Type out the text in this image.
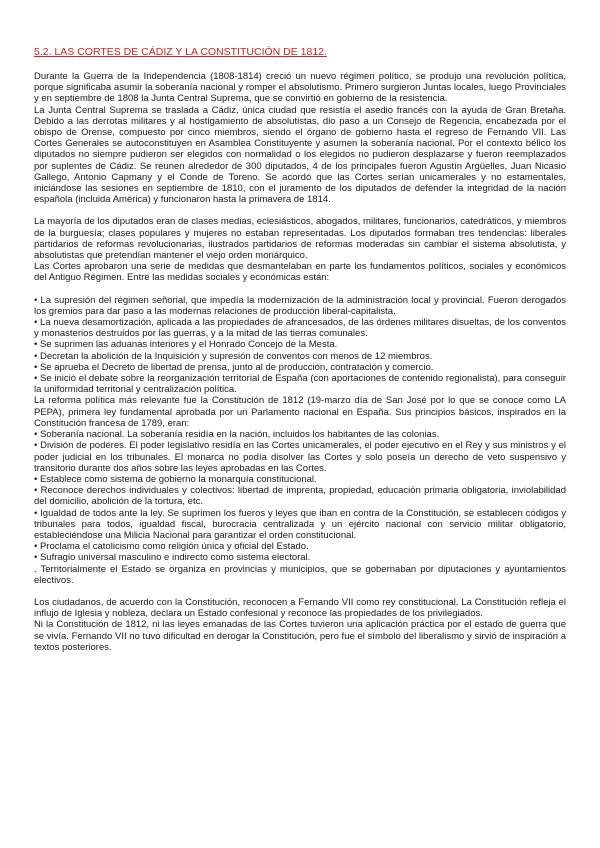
5.2. LAS CORTES DE CÁDIZ Y LA CONSTITUCIÓN DE 1812.

Durante la Guerra de la Independencia (1808-1814) creció un nuevo régimen político, se produjo una revolución política, porque significaba asumir la soberanía nacional y romper el absolutismo. Primero surgieron Juntas locales, luego Provinciales y en septiembre de 1808 la Junta Central Suprema, que se convirtió en gobierno de la resistencia.

La Junta Central Suprema se traslada a Cádiz, única ciudad que resistía el asedio francés con la ayuda de Gran Bretaña. Debido a las derrotas militares y al hostigamiento de absolutistas, dio paso a un Consejo de Regencia, encabezada por el obispo de Orense, compuesto por cinco miembros, siendo el órgano de gobierno hasta el regreso de Fernando VII. Las Cortes Generales se autoconstituyen en Asamblea Constituyente y asumen la soberanía nacional. Por el contexto bélico los diputados no siempre pudieron ser elegidos con normalidad o los elegidos no pudieron desplazarse y fueron reemplazados por suplentes de Cádiz. Se reunen alrededor de 300 diputados, 4 de los principales fueron Agustín Argüelles, Juan Nicasio Gallego, Antonio Capmany y el Conde de Toreno. Se acordó que las Cortes serían unicamerales y no estamentales, iniciándose las sesiones en septiembre de 1810, con el juramento de los diputados de defender la integridad de la nación española (incluida América) y funcionaron hasta la primavera de 1814.

La mayoría de los diputados eran de clases medias, eclesiásticos, abogados, militares, funcionarios, catedráticos, y miembros de la burguesía; clases populares y mujeres no estaban representadas. Los diputados formaban tres tendencias: liberales partidarios de reformas revolucionarias, ilustrados partidarios de reformas moderadas sin cambiar el sistema absolutista, y absolutistas que pretendían mantener el viejo orden monárquico.

Las Cortes aprobaron una serie de medidas que desmantelaban en parte los fundamentos políticos, sociales y económicos del Antiguo Régimen. Entre las medidas sociales y económicas están:

• La supresión del régimen señorial, que impedía la modernización de la administración local y provincial. Fueron derogados los gremios para dar paso a las modernas relaciones de producción liberal-capitalista.

• La nueva desamortización, aplicada a las propiedades de afrancesados, de las órdenes militares disueltas, de los conventos y monasterios destruidos por las guerras, y a la mitad de las tierras comunales.

• Se suprimen las aduanas interiores y el Honrado Concejo de la Mesta.

• Decretan la abolición de la Inquisición y supresión de conventos con menos de 12 miembros.

• Se aprueba el Decreto de libertad de prensa, junto al de producción, contratación y comercio.

• Se inició el debate sobre la reorganización territorial de España (con aportaciones de contenido regionalista), para conseguir la uniformidad territorial y centralización política.

La reforma política más relevante fue la Constitución de 1812 (19-marzo día de San José por lo que se conoce como LA PEPA), primera ley fundamental aprobada por un Parlamento nacional en España. Sus principios básicos, inspirados en la Constitución francesa de 1789, eran:

• Soberanía nacional. La soberanía residía en la nación, incluidos los habitantes de las colonias.

• División de poderes. El poder legislativo residía en las Cortes unicamerales, el poder ejecutivo en el Rey y sus ministros y el poder judicial en los tribunales. El monarca no podía disolver las Cortes y solo poseía un derecho de veto suspensivo y transitorio durante dos años sobre las leyes aprobadas en las Cortes.

• Establece como sistema de gobierno la monarquía constitucional.

• Reconoce derechos individuales y colectivos: libertad de imprenta, propiedad, educación primaria obligatoria, inviolabilidad del domicilio, abolición de la tortura, etc.

• Igualdad de todos ante la ley. Se suprimen los fueros y leyes que iban en contra de la Constitución, se establecen códigos y tribunales para todos, igualdad fiscal, burocracia centralizada y un ejército nacional con servicio militar obligatorio, estableciéndose una Milicia Nacional para garantizar el orden constitucional.

• Proclama el catolicismo como religión única y oficial del Estado.

• Sufragio universal masculino e indirecto como sistema electoral.

. Territorialmente el Estado se organiza en provincias y municipios, que se gobernaban por diputaciones y ayuntamientos electivos.

Los ciudadanos, de acuerdo con la Constitución, reconocen a Fernando VII como rey constitucional. La Constitución refleja el influjo de Iglesia y nobleza, declara un Estado confesional y reconoce las propiedades de los privilegiados.

Ni la Constitución de 1812, ni las leyes emanadas de las Cortes tuvieron una aplicación práctica por el estado de guerra que se vivía. Fernando VII no tuvo dificultad en derogar la Constitución, pero fue el símbolo del liberalismo y sirvió de inspiración a textos posteriores.
